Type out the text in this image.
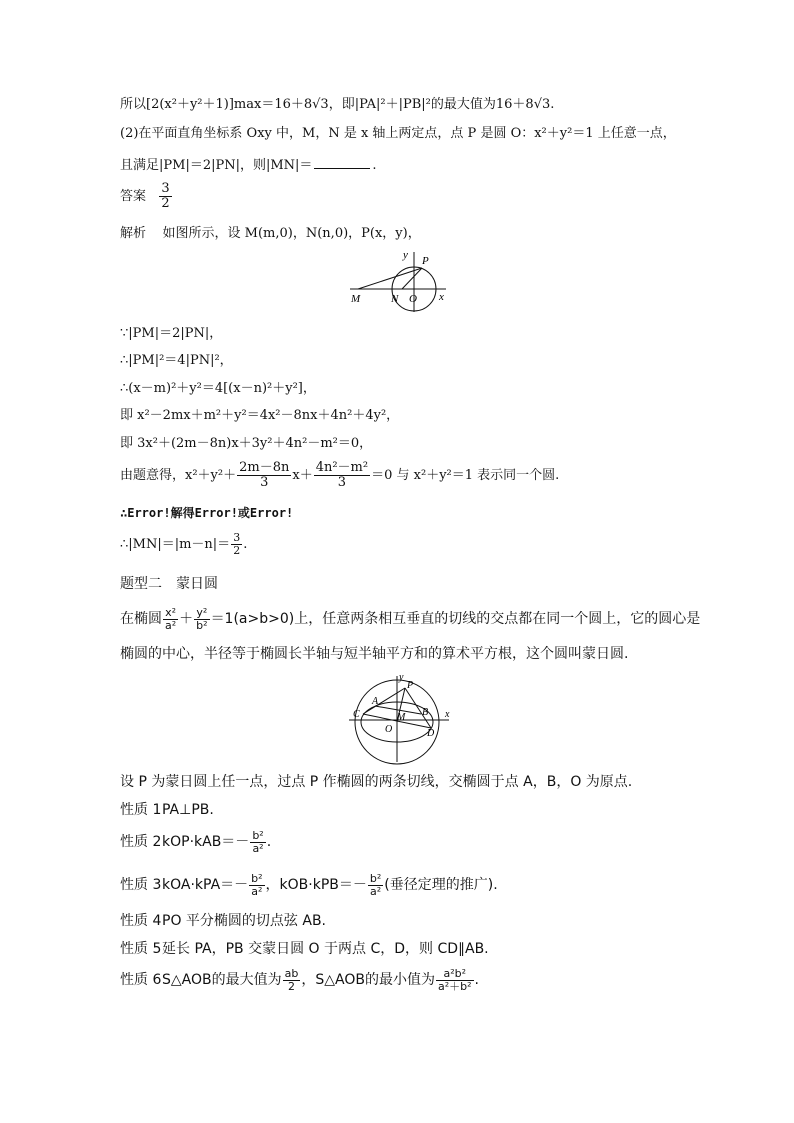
所以[2(x²＋y²＋1)]max＝16＋8√3，即|PA|²＋|PB|²的最大值为16＋8√3.
(2)在平面直角坐标系 Oxy 中，M，N 是 x 轴上两定点，点 P 是圆 O：x²＋y²＝1 上任意一点，
且满足|PM|＝2|PN|，则|MN|＝	.
答案 $\frac{3}{2}$
解析 如图所示，设 M(m,0)，N(n,0)，P(x，y)，
y P
M	N O x
∵|PM|＝2|PN|，
∴|PM|²＝4|PN|²，
∴(x－m)²＋y²＝4[(x－n)²＋y²]，
即 x²－2mx＋m²＋y²＝4x²－8nx＋4n²＋4y²，
即 3x²＋(2m－8n)x＋3y²＋4n²－m²＝0，
由题意得，$x^2+y^2+ \frac{2m-8n}{3} x+ \frac{\text{4n²－m²}}{3} =0$ 与 x²＋y²＝1 表示同一个圆.
∴Error!解得Error!或Error!
∴|MN|＝|m－n|＝ $\frac{3}{2}$ .
题型二　蒙日圆
在椭圆 $\frac{\text{x²}}{\text{a²}} + \frac{\text{y²}}{\text{b²}} =1(a>b>0)$上，任意两条相互垂直的切线的交点都在同一个圆上，它的圆心是
椭圆的中心，半径等于椭圆长半轴与短半轴平方和的算术平方根，这个圆叫蒙日圆.
y
P
A
C	M B
O	D
x
设 P 为蒙日圆上任一点，过点 P 作椭圆的两条切线，交椭圆于点 A，B，O 为原点.
性质 1PA⊥PB.
性质 $2kOP\cdot kAB=- \frac{\text{b²}}{\text{a²}}$ .
性质 $3kOA\cdot kPA=- \frac{\text{b²}}{\text{a²}}$ ，$kOB\cdot kPB=- \frac{\text{b²}}{\text{a²}}$ (垂径定理的推广).
性质 4PO 平分椭圆的切点弦 AB.
性质 5延长 PA，PB 交蒙日圆 O 于两点 C，D，则 CD∥AB.
性质 6S△AOB的最大值为 $\frac{ab}{2}$ ，S△AOB的最小值为 $\frac{\text{a²b²}}{\text{a²＋b²}}$ .
